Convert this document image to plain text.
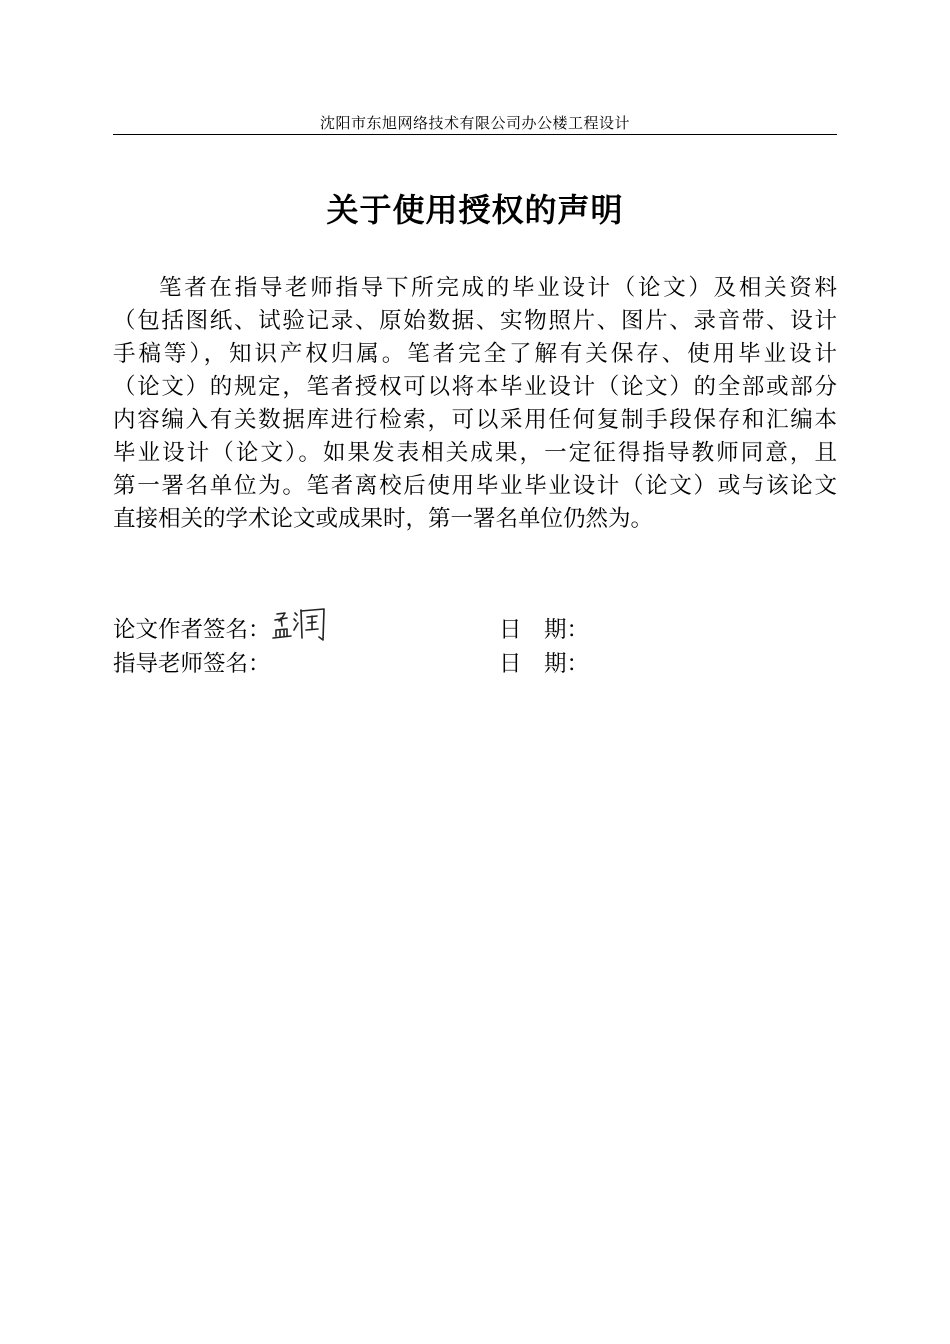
沈阳市东旭网络技术有限公司办公楼工程设计
关于使用授权的声明
笔者在指导老师指导下所完成的毕业设计（论文）及相关资料
（包括图纸、试验记录、原始数据、实物照片、图片、录音带、设计
手稿等），知识产权归属。笔者完全了解有关保存、使用毕业设计
（论文）的规定，笔者授权可以将本毕业设计（论文）的全部或部分
内容编入有关数据库进行检索，可以采用任何复制手段保存和汇编本
毕业设计（论文）。如果发表相关成果，一定征得指导教师同意，且
第一署名单位为。笔者离校后使用毕业毕业设计（论文）或与该论文
直接相关的学术论文或成果时，第一署名单位仍然为。
论文作者签名：	日　期：
指导老师签名：	日　期：
